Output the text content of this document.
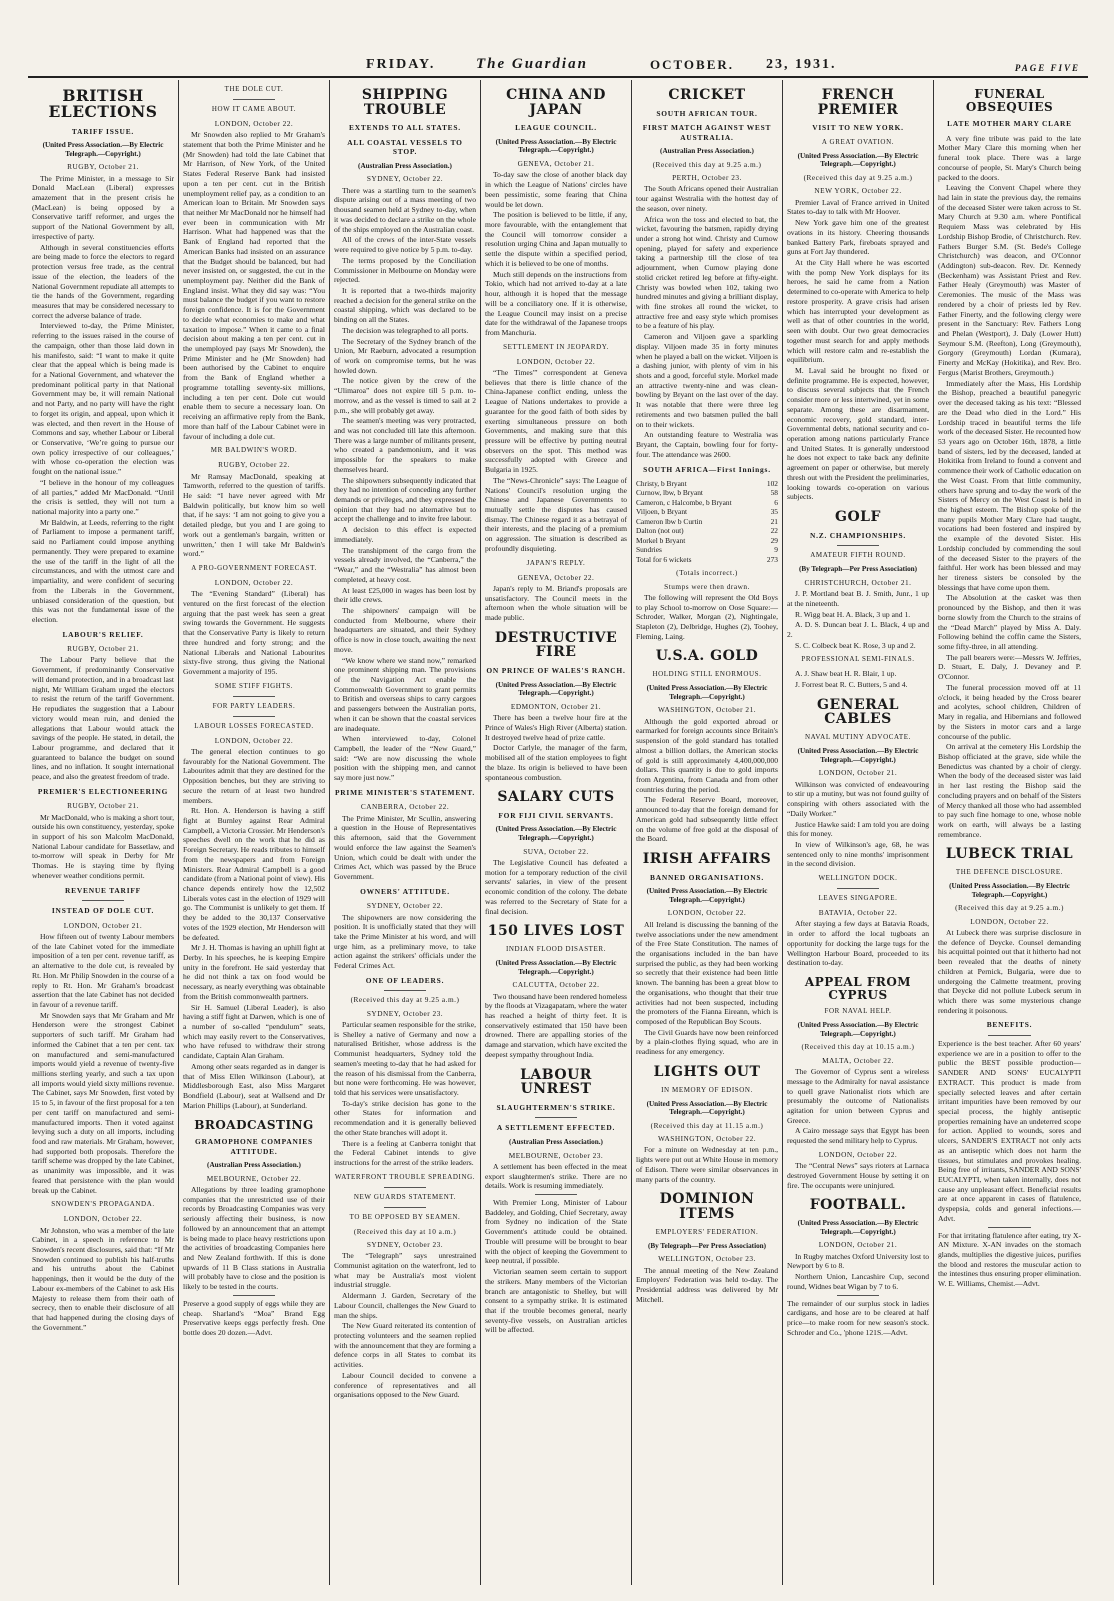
FRIDAY.	The Guardian	OCTOBER. 23, 1931.	PAGE FIVE
BRITISH ELECTIONS
TARIFF ISSUE.
(United Press Association.—By Electric Telegraph.—Copyright.)
RUGBY, October 21.
The Prime Minister, in a message to Sir Donald MacLean (Liberal) expresses amazement that in the present crisis he (MacLean) is being opposed by a Conservative tariff reformer, and urges the support of the National Government by all, irrespective of party.
Although in several constituencies efforts are being made to force the electors to regard protection versus free trade, as the central issue of the election, the leaders of the National Government repudiate all attempts to tie the hands of the Government, regarding measures that may be considered necessary to correct the adverse balance of trade.
Interviewed to-day, the Prime Minister, referring to the issues raised in the course of the campaign, other than those laid down in his manifesto, said: “I want to make it quite clear that the appeal which is being made is for a National Government, and whatever the predominant political party in that National Government may be, it will remain National and not Party, and no party will have the right to forget its origin, and appeal, upon which it was elected, and then revert in the House of Commons and say, whether Labour or Liberal or Conservative, ‘We’re going to pursue our own policy irrespective of our colleagues,’ with whose co-operation the election was fought on the national issue.”
“I believe in the honour of my colleagues of all parties,” added Mr MacDonald. “Until the crisis is settled, they will not turn a national majority into a party one.”
Mr Baldwin, at Leeds, referring to the right of Parliament to impose a permanent tariff, said no Parliament could impose anything permanently. They were prepared to examine the use of the tariff in the light of all the circumstances, and with the utmost care and impartiality, and were confident of securing from the Liberals in the Government, unbiased consideration of the question, but this was not the fundamental issue of the election.
LABOUR'S RELIEF.
RUGBY, October 21.
The Labour Party believe that the Government, if predominantly Conservative will demand protection, and in a broadcast last night, Mr William Graham urged the electors to resist the return of the tariff Government. He repudiates the suggestion that a Labour victory would mean ruin, and denied the allegations that Labour would attack the savings of the people. He stated, in detail, the Labour programme, and declared that it guaranteed to balance the budget on sound lines, and no inflation. It sought international peace, and also the greatest freedom of trade.
PREMIER'S ELECTIONEERING
RUGBY, October 21.
Mr MacDonald, who is making a short tour, outside his own constituency, yesterday, spoke in support of his son Malcolm MacDonald, National Labour candidate for Bassetlaw, and to-morrow will speak in Derby for Mr Thomas. He is staying time by flying whenever weather conditions permit.
REVENUE TARIFF
INSTEAD OF DOLE CUT.
LONDON, October 21.
How fifteen out of twenty Labour members of the late Cabinet voted for the immediate imposition of a ten per cent. revenue tariff, as an alternative to the dole cut, is revealed by Rt. Hon. Mr Philip Snowden in the course of a reply to Rt. Hon. Mr Graham's broadcast assertion that the late Cabinet has not decided in favour of a revenue tariff.
Mr Snowden says that Mr Graham and Mr Henderson were the strongest Cabinet supporters of such tariff. Mr Graham had informed the Cabinet that a ten per cent. tax on manufactured and semi-manufactured imports would yield a revenue of twenty-five millions sterling yearly, and such a tax upon all imports would yield sixty millions revenue. The Cabinet, says Mr Snowden, first voted by 15 to 5, in favour of the first proposal for a ten per cent tariff on manufactured and semi-manufactured imports. Then it voted against levying such a duty on all imports, including food and raw materials. Mr Graham, however, had supported both proposals. Therefore the tariff scheme was dropped by the late Cabinet, as unanimity was impossible, and it was feared that persistence with the plan would break up the Cabinet.
SNOWDEN'S PROPAGANDA.
LONDON, October 22.
Mr Johnston, who was a member of the late Cabinet, in a speech in reference to Mr Snowden's recent disclosures, said that: “If Mr Snowden continued to publish his half-truths and his untruths about the Cabinet happenings, then it would be the duty of the Labour ex-members of the Cabinet to ask His Majesty to release them from their oath of secrecy, then to enable their disclosure of all that had happened during the closing days of the Government.”
THE DOLE CUT.
HOW IT CAME ABOUT.
LONDON, October 22.
Mr Snowden also replied to Mr Graham's statement that both the Prime Minister and he (Mr Snowden) had told the late Cabinet that Mr Harrison, of New York, of the United States Federal Reserve Bank had insisted upon a ten per cent. cut in the British unemployment relief pay, as a condition to an American loan to Britain. Mr Snowden says that neither Mr MacDonald nor he himself had ever been in communication with Mr Harrison. What had happened was that the Bank of England had reported that the American Banks had insisted on an assurance that the Budget should be balanced, but had never insisted on, or suggested, the cut in the unemployment pay. Neither did the Bank of England insist. What they did say was: “You must balance the budget if you want to restore foreign confidence. It is for the Government to decide what economies to make and what taxation to impose.” When it came to a final decision about making a ten per cent. cut in the unemployed pay (says Mr Snowden), the Prime Minister and he (Mr Snowden) had been authorised by the Cabinet to enquire from the Bank of England whether a programme totalling seventy-six millions, including a ten per cent. Dole cut would enable them to secure a necessary loan. On receiving an affirmative reply from the Bank, more than half of the Labour Cabinet were in favour of including a dole cut.
MR BALDWIN'S WORD.
RUGBY, October 22.
Mr Ramsay MacDonald, speaking at Tamworth, referred to the question of tariffs. He said: “I have never agreed with Mr Baldwin politically, but know him so well that, if he says: ‘I am not going to give you a detailed pledge, but you and I are going to work out a gentleman's bargain, written or unwritten,’ then I will take Mr Baldwin's word.”
A PRO-GOVERNMENT FORECAST.
LONDON, October 22.
The “Evening Standard” (Liberal) has ventured on the first forecast of the election arguing that the past week has seen a great swing towards the Government. He suggests that the Conservative Party is likely to return three hundred and forty strong; and the National Liberals and National Labourites sixty-five strong, thus giving the National Government a majority of 195.
SOME STIFF FIGHTS.
FOR PARTY LEADERS.
LABOUR LOSSES FORECASTED.
LONDON, October 22.
The general election continues to go favourably for the National Government. The Labourites admit that they are destined for the Opposition benches, but they are striving to secure the return of at least two hundred members.
Rt. Hon. A. Henderson is having a stiff fight at Burnley against Rear Admiral Campbell, a Victoria Crossier. Mr Henderson's speeches dwell on the work that he did as Foreign Secretary. He reads tributes to himself from the newspapers and from Foreign Ministers. Rear Admiral Campbell is a good candidate (from a National point of view). His chance depends entirely how the 12,502 Liberals votes cast in the election of 1929 will go. The Communist is unlikely to get them. If they be added to the 30,137 Conservative votes of the 1929 election, Mr Henderson will be defeated.
Mr J. H. Thomas is having an uphill fight at Derby. In his speeches, he is keeping Empire unity in the forefront. He said yesterday that he did not think a tax on food would be necessary, as nearly everything was obtainable from the British commonwealth partners.
Sir H. Samuel (Liberal Leader), is also having a stiff fight at Darwen, which is one of a number of so-called “pendulum” seats, which may easily revert to the Conservatives, who have refused to withdraw their strong candidate, Captain Alan Graham.
Among other seats regarded as in danger is that of Miss Ellen Wilkinson (Labour), at Middlesborough East, also Miss Margaret Bondfield (Labour), seat at Wallsend and Dr Marion Phillips (Labour), at Sunderland.
BROADCASTING
GRAMOPHONE COMPANIES ATTITUDE.
(Australian Press Association.)
MELBOURNE, October 22.
Allegations by three leading gramophone companies that the unrestricted use of their records by Broadcasting Companies was very seriously affecting their business, is now followed by an announcement that an attempt is being made to place heavy restrictions upon the activities of broadcasting Companies here and New Zealand forthwith. If this is done upwards of 11 B Class stations in Australia will probably have to close and the position is likely to be tested in the courts.
Preserve a good supply of eggs while they are cheap. Sharland's “Moa” Brand Egg Preservative keeps eggs perfectly fresh. One bottle does 20 dozen.—Advt.
SHIPPING TROUBLE
EXTENDS TO ALL STATES.
ALL COASTAL VESSELS TO STOP.
(Australian Press Association.)
SYDNEY, October 22.
There was a startling turn to the seamen's dispute arising out of a mass meeting of two thousand seamen held at Sydney to-day, when it was decided to declare a strike on the whole of the ships employed on the Australian coast.
All of the crews of the inter-State vessels were required to give notice by 5 p.m. to-day.
The terms proposed by the Conciliation Commissioner in Melbourne on Monday were rejected.
It is reported that a two-thirds majority reached a decision for the general strike on the coastal shipping, which was declared to be binding on all the States.
The decision was telegraphed to all ports.
The Secretary of the Sydney branch of the Union, Mr Raeburn, advocated a resumption of work on compromise terms, but he was howled down.
The notice given by the crew of the “Ulimaroa” does not expire till 5 p.m. to-morrow, and as the vessel is timed to sail at 2 p.m., she will probably get away.
The seamen's meeting was very protracted, and was not concluded till late this afternoon. There was a large number of militants present, who created a pandemonium, and it was impossible for the speakers to make themselves heard.
The shipowners subsequently indicated that they had no intention of conceding any further demands or privileges, and they expressed the opinion that they had no alternative but to accept the challenge and to invite free labour.
A decision to this effect is expected immediately.
The transhipment of the cargo from the vessels already involved, the “Canberra,” the “Wear,” and the “Westralia” has almost been completed, at heavy cost.
At least £25,000 in wages has been lost by their idle crews.
The shipowners' campaign will be conducted from Melbourne, where their headquarters are situated, and their Sydney office is now in close touch, awaiting the next move.
“We know where we stand now,” remarked one prominent shipping man. The provisions of the Navigation Act enable the Commonwealth Government to grant permits to British and overseas ships to carry cargoes and passengers between the Australian ports, when it can be shown that the coastal services are inadequate.
When interviewed to-day, Colonel Campbell, the leader of the “New Guard,” said: “We are now discussing the whole position with the shipping men, and cannot say more just now.”
PRIME MINISTER'S STATEMENT.
CANBERRA, October 22.
The Prime Minister, Mr Scullin, answering a question in the House of Representatives this afternoon, said that the Government would enforce the law against the Seamen's Union, which could be dealt with under the Crimes Act, which was passed by the Bruce Government.
OWNERS' ATTITUDE.
SYDNEY, October 22.
The shipowners are now considering the position. It is unofficially stated that they will take the Prime Minister at his word, and will urge him, as a preliminary move, to take action against the strikers' officials under the Federal Crimes Act.
ONE OF LEADERS.
(Received this day at 9.25 a.m.)
SYDNEY, October 23.
Particular seamen responsible for the strike, is Shelley a native of Germany and now a naturalised Britisher, whose address is the Communist headquarters, Sydney told the seamen's meeting to-day that he had asked for the reason of his dismissal from the Canberra, but none were forthcoming. He was however, told that his services were unsatisfactory.
To-day's strike decision has gone to the other States for information and recommendation and it is generally believed the other State branches will adopt it.
There is a feeling at Canberra tonight that the Federal Cabinet intends to give instructions for the arrest of the strike leaders.
WATERFRONT TROUBLE SPREADING.
NEW GUARDS STATEMENT.
TO BE OPPOSED BY SEAMEN.
(Received this day at 10 a.m.)
SYDNEY, October 23.
The “Telegraph” says unrestrained Communist agitation on the waterfront, led to what may be Australia's most violent industrial struggle.
Aldermann J. Garden, Secretary of the Labour Council, challenges the New Guard to man the ships.
The New Guard reiterated its contention of protecting volunteers and the seamen replied with the announcement that they are forming a defence corps in all States to combat its activities.
Labour Council decided to convene a conference of representatives and all organisations opposed to the New Guard.
CHINA AND JAPAN
LEAGUE COUNCIL.
(United Press Association.—By Electric Telegraph.—Copyright.)
GENEVA, October 21.
To-day saw the close of another black day in which the League of Nations' circles have been pessimistic, some fearing that China would be let down.
The position is believed to be little, if any, more favourable, with the entanglement that the Council will tomorrow consider a resolution urging China and Japan mutually to settle the dispute within a specified period, which it is believed to be one of months.
Much still depends on the instructions from Tokio, which had not arrived to-day at a late hour, although it is hoped that the message will be a conciliatory one. If it is otherwise, the League Council may insist on a precise date for the withdrawal of the Japanese troops from Manchuria.
SETTLEMENT IN JEOPARDY.
LONDON, October 22.
“The Times'” correspondent at Geneva believes that there is little chance of the China-Japanese conflict ending, unless the League of Nations undertakes to provide a guarantee for the good faith of both sides by exerting simultaneous pressure on both Governments, and making sure that this pressure will be effective by putting neutral observers on the spot. This method was successfully adopted with Greece and Bulgaria in 1925.
The “News-Chronicle” says: The League of Nations' Council's resolution urging the Chinese and Japanese Governments to mutually settle the disputes has caused dismay. The Chinese regard it as a betrayal of their interests, and the placing of a premium on aggression. The situation is described as profoundly disquieting.
JAPAN'S REPLY.
GENEVA, October 22.
Japan's reply to M. Briand's proposals are unsatisfactory. The Council meets in the afternoon when the whole situation will be made public.
DESTRUCTIVE FIRE
ON PRINCE OF WALES'S RANCH.
(United Press Association.—By Electric Telegraph.—Copyright.)
EDMONTON, October 21.
There has been a twelve hour fire at the Prince of Wales's High River (Alberta) station. It destroyed twelve head of prize cattle.
Doctor Carlyle, the manager of the farm, mobilised all of the station employees to fight the blaze. Its origin is believed to have been spontaneous combustion.
SALARY CUTS
FOR FIJI CIVIL SERVANTS.
(United Press Association.—By Electric Telegraph.—Copyright.)
SUVA, October 22.
The Legislative Council has defeated a motion for a temporary reduction of the civil servants' salaries, in view of the present economic condition of the colony. The debate was referred to the Secretary of State for a final decision.
150 LIVES LOST
INDIAN FLOOD DISASTER.
(United Press Association.—By Electric Telegraph.—Copyright.)
CALCUTTA, October 22.
Two thousand have been rendered homeless by the floods at Vizagapatam, where the water has reached a height of thirty feet. It is conservatively estimated that 150 have been drowned. There are appalling stories of the damage and starvation, which have excited the deepest sympathy throughout India.
LABOUR UNREST
SLAUGHTERMEN'S STRIKE.
A SETTLEMENT EFFECTED.
(Australian Press Association.)
MELBOURNE, October 23.
A settlement has been effected in the meat export slaughtermen's strike. There are no details. Work is resuming immediately.
With Premier Long, Minister of Labour Baddeley, and Golding, Chief Secretary, away from Sydney no indication of the State Government's attitude could be obtained. Trouble will presume will be brought to bear with the object of keeping the Government to keep neutral, if possible.
Victorian seamen seem certain to support the strikers. Many members of the Victorian branch are antagonistic to Shelley, but will consent to a sympathy strike. It is estimated that if the trouble becomes general, nearly seventy-five vessels, on Australian articles will be affected.
CRICKET
SOUTH AFRICAN TOUR.
FIRST MATCH AGAINST WEST AUSTRALIA.
(Australian Press Association.)
(Received this day at 9.25 a.m.)
PERTH, October 23.
The South Africans opened their Australian tour against Westralia with the hottest day of the season, over ninety.
Africa won the toss and elected to bat, the wicket, favouring the batsmen, rapidly drying under a strong hot wind. Christy and Curnow opening, played for safety and experience taking a partnership till the close of tea adjournment, when Curnow playing done stolid cricket retired leg before at fifty-eight. Christy was bowled when 102, taking two hundred minutes and giving a brilliant display, with fine strokes all round the wicket, to attractive free and easy style which promises to be a feature of his play.
Cameron and Viljoen gave a sparkling display. Viljoen made 35 in forty minutes when he played a ball on the wicket. Viljoen is a dashing junior, with plenty of vim in his shots and a good, forceful style. Morkel made an attractive twenty-nine and was clean-bowling by Bryant on the last over of the day. It was notable that there were three leg retirements and two batsmen pulled the ball on to their wickets.
An outstanding feature to Westralia was Bryant, the Captain, bowling four for forty-four. The attendance was 2600.
SOUTH AFRICA—First Innings.
Christy, b Bryant	102
Curnow, lbw, b Bryant	58
Cameron, c Halcombe, b Bryant	6
Viljoen, b Bryant	35
Cameron lbw b Curtin	21
Dalton (not out)	22
Morkel b Bryant	29
Sundries	9
Total for 6 wickets	273
(Totals incorrect.)
Stumps were then drawn.
The following will represent the Old Boys to play School to-morrow on Oose Square:—Schroder, Walker, Morgan (2), Nightingale, Stapleton (2), Delbridge, Hughes (2), Toohey, Fleming, Laing.
U.S.A. GOLD
HOLDING STILL ENORMOUS.
(United Press Association.—By Electric Telegraph.—Copyright.)
WASHINGTON, October 21.
Although the gold exported abroad or earmarked for foreign accounts since Britain's suspension of the gold standard has totalled almost a billion dollars, the American stocks of gold is still approximately 4,400,000,000 dollars. This quantity is due to gold imports from Argentina, from Canada and from other countries during the period.
The Federal Reserve Board, moreover, announced to-day that the foreign demand for American gold had subsequently little effect on the volume of free gold at the disposal of the Board.
IRISH AFFAIRS
BANNED ORGANISATIONS.
(United Press Association.—By Electric Telegraph.—Copyright.)
LONDON, October 22.
All Ireland is discussing the banning of the twelve associations under the new amendment of the Free State Constitution. The names of the organisations included in the ban have surprised the public, as they had been working so secretly that their existence had been little known. The banning has been a great blow to the organisations, who thought that their true activities had not been suspected, including the promoters of the Fianna Eireann, which is composed of the Republican Boy Scouts.
The Civil Guards have now been reinforced by a plain-clothes flying squad, who are in readiness for any emergency.
LIGHTS OUT
IN MEMORY OF EDISON.
(United Press Association.—By Electric Telegraph.—Copyright.)
(Received this day at 11.15 a.m.)
WASHINGTON, October 22.
For a minute on Wednesday at ten p.m., lights were put out at White House in memory of Edison. There were similar observances in many parts of the country.
DOMINION ITEMS
EMPLOYERS' FEDERATION.
(By Telegraph—Per Press Association)
WELLINGTON, October 23.
The annual meeting of the New Zealand Employers' Federation was held to-day. The Presidential address was delivered by Mr Mitchell.
FRENCH PREMIER
VISIT TO NEW YORK.
A GREAT OVATION.
(United Press Association.—By Electric Telegraph.—Copyright.)
(Received this day at 9.25 a.m.)
NEW YORK, October 22.
Premier Laval of France arrived in United States to-day to talk with Mr Hoover.
New York gave him one of the greatest ovations in its history. Cheering thousands banked Battery Park, fireboats sprayed and guns at Fort Jay thundered.
At the City Hall where he was escorted with the pomp New York displays for its heroes, he said he came from a Nation determined to co-operate with America to help restore prosperity. A grave crisis had arisen which has interrupted your development as well as that of other countries in the world, seen with doubt. Our two great democracies together must search for and apply methods which will restore calm and re-establish the equilibrium.
M. Laval said he brought no fixed or definite programme. He is expected, however, to discuss several subjects that the French consider more or less intertwined, yet in some separate. Among these are disarmament, economic recovery, gold standard, inter-Governmental debts, national security and co-operation among nations particularly France and United States. It is generally understood he does not expect to take back any definite agreement on paper or otherwise, but merely thresh out with the President the preliminaries, looking towards co-operation on various subjects.
GOLF
N.Z. CHAMPIONSHIPS.
AMATEUR FIFTH ROUND.
(By Telegraph—Per Press Association)
CHRISTCHURCH, October 21.
J. P. Mortland beat B. J. Smith, Junr., 1 up at the nineteenth.
R. Wigg beat H. A. Black, 3 up and 1.
A. D. S. Duncan beat J. L. Black, 4 up and 2.
S. C. Colbeck beat K. Rose, 3 up and 2.
PROFESSIONAL SEMI-FINALS.
A. J. Shaw beat H. R. Blair, 1 up.
J. Forrest beat R. C. Butters, 5 and 4.
GENERAL CABLES
NAVAL MUTINY ADVOCATE.
(United Press Association.—By Electric Telegraph.—Copyright.)
LONDON, October 21.
Wilkinson was convicted of endeavouring to stir up a mutiny, but was not found guilty of conspiring with others associated with the “Daily Worker.”
Justice Hawke said: I am told you are doing this for money.
In view of Wilkinson's age, 68, he was sentenced only to nine months' imprisonment in the second division.
WELLINGTON DOCK.
LEAVES SINGAPORE.
BATAVIA, October 22.
After staying a few days at Batavia Roads, in order to afford the local tugboats an opportunity for docking the large tugs for the Wellington Harbour Board, proceeded to its destination to-day.
APPEAL FROM CYPRUS
FOR NAVAL HELP.
(United Press Association.—By Electric Telegraph.—Copyright.)
(Received this day at 10.15 a.m.)
MALTA, October 22.
The Governor of Cyprus sent a wireless message to the Admiralty for naval assistance to quell grave Nationalist riots which are presumably the outcome of Nationalists agitation for union between Cyprus and Greece.
A Cairo message says that Egypt has been requested the send military help to Cyprus.
LONDON, October 22.
The “Central News” says rioters at Larnaca destroyed Government House by setting it on fire. The occupants were uninjured.
FOOTBALL.
(United Press Association.—By Electric Telegraph.—Copyright.)
LONDON, October 21.
In Rugby matches Oxford University lost to Newport by 6 to 8.
Northern Union, Lancashire Cup, second round, Widnes beat Wigan by 7 to 6.
The remainder of our surplus stock in ladies cardigans, and hose are to be cleared at half price—to make room for new season's stock. Schroder and Co., 'phone 121S.—Advt.
FUNERAL OBSEQUIES
LATE MOTHER MARY CLARE
A very fine tribute was paid to the late Mother Mary Clare this morning when her funeral took place. There was a large concourse of people, St. Mary's Church being packed to the doors.
Leaving the Convent Chapel where they had lain in state the previous day, the remains of the deceased Sister were taken across to St. Mary Church at 9.30 a.m. where Pontifical Requiem Mass was celebrated by His Lordship Bishop Brodie, of Christchurch. Rev. Fathers Burger S.M. (St. Bede's College Christchurch) was deacon, and O'Connor (Addington) sub-deacon. Rev. Dr. Kennedy (Beckenham) was Assistant Priest and Rev. Father Healy (Greymouth) was Master of Ceremonies. The music of the Mass was rendered by a choir of priests led by Rev. Father Finerty, and the following clergy were present in the Sanctuary: Rev. Fathers Long and Phelan (Westport), J. Daly (Lower Hutt) Seymour S.M. (Reefton), Long (Greymouth), Gorgory (Greymouth) Lordan (Kumara), Finerty and McKay (Hokitika), and Rev. Bro. Fergus (Marist Brothers, Greymouth.)
Immediately after the Mass, His Lordship the Bishop, preached a beautiful panegyric over the deceased taking as his text: “Blessed are the Dead who died in the Lord.” His Lordship traced in beautiful terms the life work of the deceased Sister. He recounted how 53 years ago on October 16th, 1878, a little band of sisters, led by the deceased, landed at Hokitika from Ireland to found a convent and commence their work of Catholic education on the West Coast. From that little community, others have sprung and to-day the work of the Sisters of Mercy on the West Coast is held in the highest esteem. The Bishop spoke of the many pupils Mother Mary Clare had taught, vocations had been fostered and inspired by the example of the devoted Sister. His Lordship concluded by commending the soul of the deceased Sister to the prayers of the faithful. Her work has been blessed and may her tireness sisters be consoled by the blessings that have come upon them.
The Absolution at the casket was then pronounced by the Bishop, and then it was borne slowly from the Church to the strains of the “Dead March” played by Miss A. Daly. Following behind the coffin came the Sisters, some fifty-three, in all attending.
The pall bearers were:—Messrs W. Jeffries, D. Stuart, E. Daly, J. Devaney and P. O'Connor.
The funeral procession moved off at 11 o'clock, it being headed by the Cross bearer and acolytes, school children, Children of Mary in regalia, and Hibernians and followed by the Sisters in motor cars and a large concourse of the public.
On arrival at the cemetery His Lordship the Bishop officiated at the grave, side while the Benedictus was chanted by a choir of clergy. When the body of the deceased sister was laid in her last resting the Bishop said the concluding prayers and on behalf of the Sisters of Mercy thanked all those who had assembled to pay such fine homage to one, whose noble work on earth, will always be a lasting remembrance.
LUBECK TRIAL
THE DEFENCE DISCLOSURE.
(United Press Association.—By Electric Telegraph.—Copyright.)
(Received this day at 9.25 a.m.)
LONDON, October 22.
At Lubeck there was surprise disclosure in the defence of Deycke. Counsel demanding his acquittal pointed out that it hitherto had not been revealed that the deaths of ninety children at Pernick, Bulgaria, were due to undergoing the Calmette treatment, proving that Deycke did not pollute Lubeck serum in which there was some mysterious change rendering it poisonous.
BENEFITS.
Experience is the best teacher. After 60 years' experience we are in a position to offer to the public the BEST possible production—SANDER AND SONS' EUCALYPTI EXTRACT. This product is made from specially selected leaves and after certain irritant impurities have been removed by our special process, the highly antiseptic properties remaining have an undeterred scope for action. Applied to wounds, sores and ulcers, SANDER'S EXTRACT not only acts as an antiseptic which does not harm the tissues, but stimulates and provokes healing. Being free of irritants, SANDER AND SONS' EUCALYPTI, when taken internally, does not cause any unpleasant effect. Beneficial results are at once apparent in cases of flatulence, dyspepsia, colds and general infections.—Advt.
For that irritating flatulence after eating, try X-AN Mixture. X-AN invades on the stomach glands, multiplies the digestive juices, purifies the blood and restores the muscular action to the intestines thus ensuring proper elimination. W. E. Williams, Chemist.—Advt.
